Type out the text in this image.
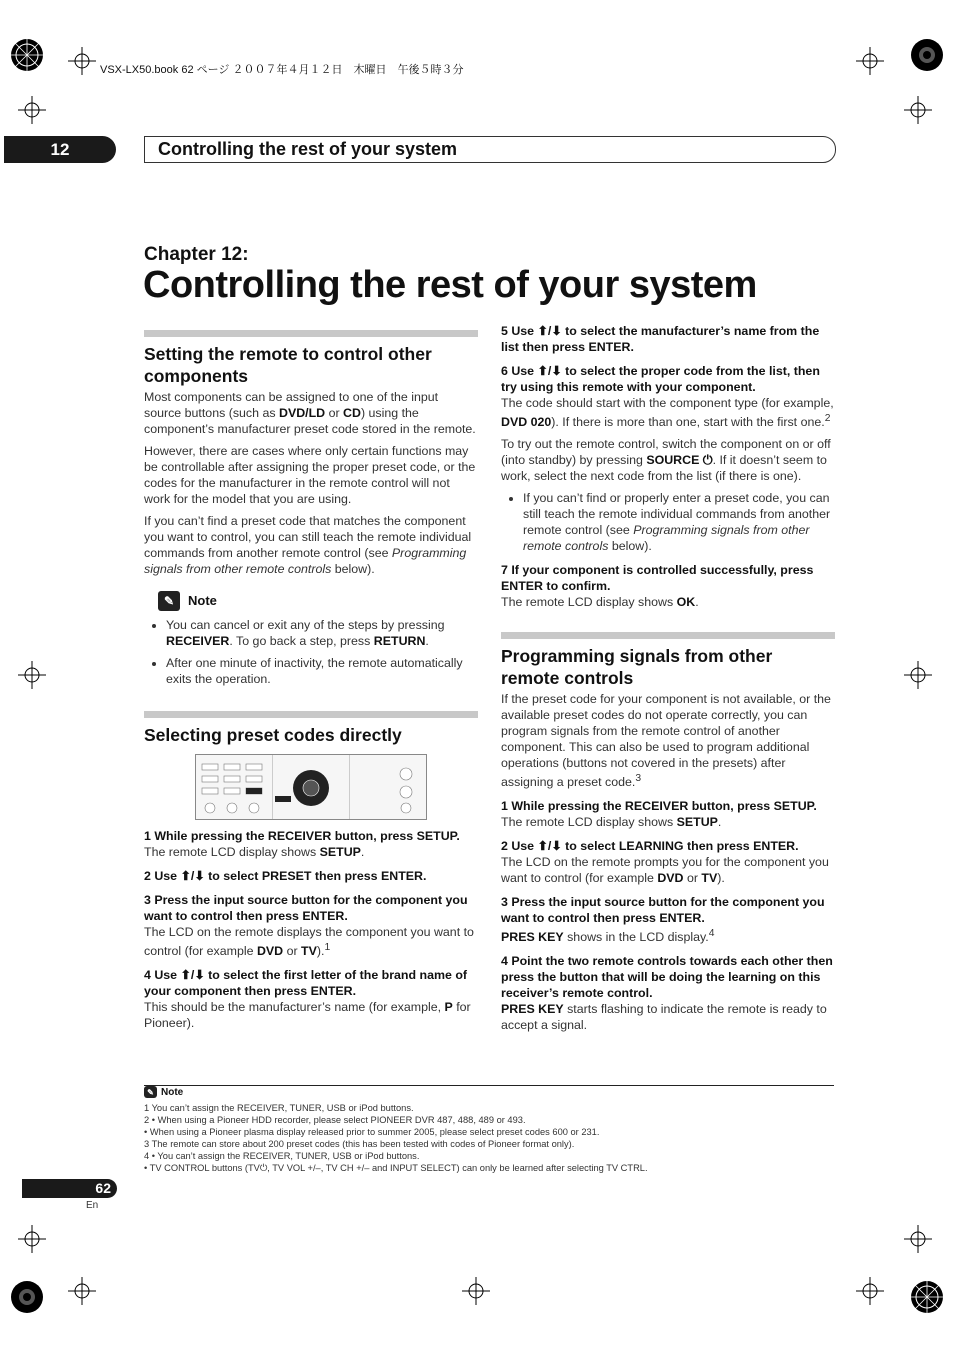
VSX-LX50.book 62 ページ ２００７年４月１２日　木曜日　午後５時３分
12	Controlling the rest of your system
Chapter 12:
Controlling the rest of your system
Setting the remote to control other components

Most components can be assigned to one of the input source buttons (such as DVD/LD or CD) using the component’s manufacturer preset code stored in the remote.

However, there are cases where only certain functions may be controllable after assigning the proper preset code, or the codes for the manufacturer in the remote control will not work for the model that you are using.

If you can’t find a preset code that matches the component you want to control, you can still teach the remote individual commands from another remote control (see Programming signals from other remote controls below).

✎	Note
• You can cancel or exit any of the steps by pressing RECEIVER. To go back a step, press RETURN.
• After one minute of inactivity, the remote automatically exits the operation.
Selecting preset codes directly

1 While pressing the RECEIVER button, press SETUP.

The remote LCD display shows SETUP.

2 Use ⬆/⬇ to select PRESET then press ENTER.

3 Press the input source button for the component you want to control then press ENTER.

The LCD on the remote displays the component you want to control (for example DVD or TV).$^1$

4 Use ⬆/⬇ to select the first letter of the brand name of your component then press ENTER.

This should be the manufacturer’s name (for example, P for Pioneer).

5 Use ⬆/⬇ to select the manufacturer’s name from the list then press ENTER.

6 Use ⬆/⬇ to select the proper code from the list, then try using this remote with your component.

The code should start with the component type (for example, DVD 020). If there is more than one, start with the first one.$^2$

To try out the remote control, switch the component on or off (into standby) by pressing SOURCE ⏻. If it doesn’t seem to work, select the next code from the list (if there is one).

• If you can’t find or properly enter a preset code, you can still teach the remote individual commands from another remote control (see Programming signals from other remote controls below).

7 If your component is controlled successfully, press ENTER to confirm.

The remote LCD display shows OK.

Programming signals from other remote controls

If the preset code for your component is not available, or the available preset codes do not operate correctly, you can program signals from the remote control of another component. This can also be used to program additional operations (buttons not covered in the presets) after assigning a preset code.$^3$

1 While pressing the RECEIVER button, press SETUP.

The remote LCD display shows SETUP.

2 Use ⬆/⬇ to select LEARNING then press ENTER.

The LCD on the remote prompts you for the component you want to control (for example DVD or TV).

3 Press the input source button for the component you want to control then press ENTER.

PRES KEY shows in the LCD display.$^4$

4 Point the two remote controls towards each other then press the button that will be doing the learning on this receiver’s remote control.

PRES KEY starts flashing to indicate the remote is ready to accept a signal.

✎ Note
1 You can’t assign the RECEIVER, TUNER, USB or iPod buttons.
2 • When using a Pioneer HDD recorder, please select PIONEER DVR 487, 488, 489 or 493.
• When using a Pioneer plasma display released prior to summer 2005, please select preset codes 600 or 231.
3 The remote can store about 200 preset codes (this has been tested with codes of Pioneer format only).
4 • You can’t assign the RECEIVER, TUNER, USB or iPod buttons.
• TV CONTROL buttons (TV⏻, TV VOL +/–, TV CH +/– and INPUT SELECT) can only be learned after selecting TV CTRL.
62
En
